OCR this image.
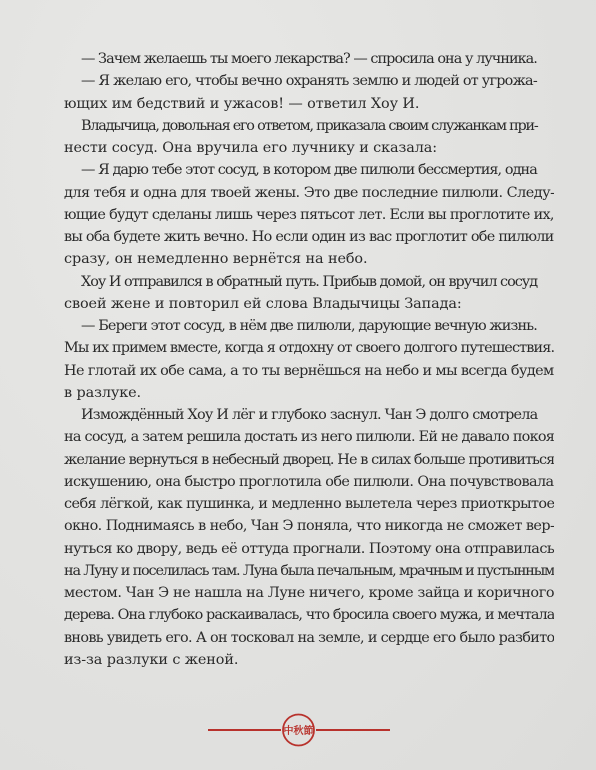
— Зачем желаешь ты моего лекарства? — спросила она у лучника.
— Я желаю его, чтобы вечно охранять землю и людей от угрожа-
ющих им бедствий и ужасов! — ответил Хоу И.
Владычица, довольная его ответом, приказала своим служанкам при-
нести сосуд. Она вручила его лучнику и сказала:
— Я дарю тебе этот сосуд, в котором две пилюли бессмертия, одна
для тебя и одна для твоей жены. Это две последние пилюли. Следу-
ющие будут сделаны лишь через пятьсот лет. Если вы проглотите их,
вы оба будете жить вечно. Но если один из вас проглотит обе пилюли
сразу, он немедленно вернётся на небо.
Хоу И отправился в обратный путь. Прибыв домой, он вручил сосуд
своей жене и повторил ей слова Владычицы Запада:
— Береги этот сосуд, в нём две пилюли, дарующие вечную жизнь.
Мы их примем вместе, когда я отдохну от своего долгого путешествия.
Не глотай их обе сама, а то ты вернёшься на небо и мы всегда будем
в разлуке.
Измождённый Хоу И лёг и глубоко заснул. Чан Э долго смотрела
на сосуд, а затем решила достать из него пилюли. Ей не давало покоя
желание вернуться в небесный дворец. Не в силах больше противиться
искушению, она быстро проглотила обе пилюли. Она почувствовала
себя лёгкой, как пушинка, и медленно вылетела через приоткрытое
окно. Поднимаясь в небо, Чан Э поняла, что никогда не сможет вер-
нуться ко двору, ведь её оттуда прогнали. Поэтому она отправилась
на Луну и поселилась там. Луна была печальным, мрачным и пустынным
местом. Чан Э не нашла на Луне ничего, кроме зайца и коричного
дерева. Она глубоко раскаивалась, что бросила своего мужа, и мечтала
вновь увидеть его. А он тосковал на земле, и сердце его было разбито
из-за разлуки с женой.
中秋節
